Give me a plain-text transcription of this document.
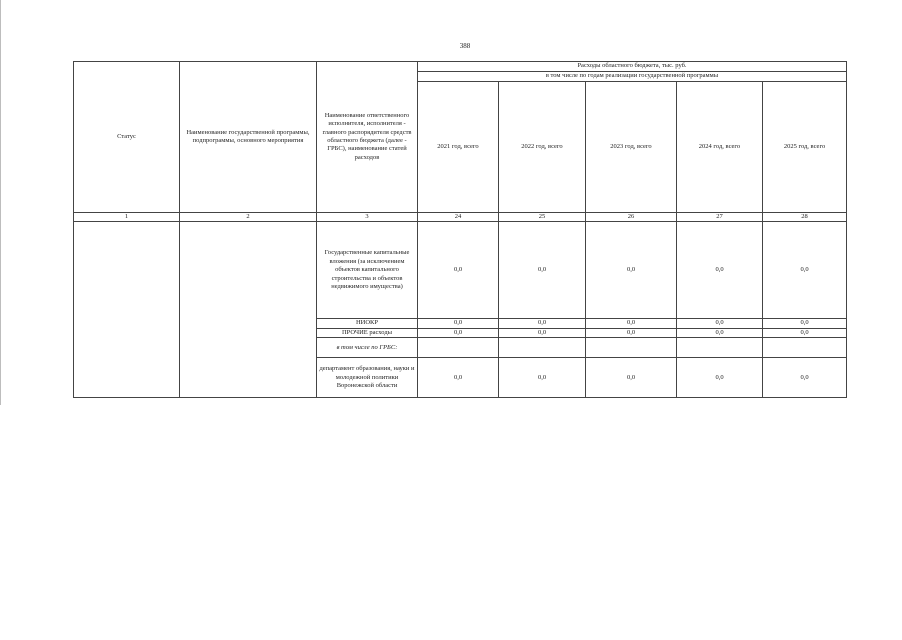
388
Статус	Наименование государственной программы, подпрограммы, основного мероприятия	Наименование ответственного исполнителя, исполнителя - главного распорядителя средств областного бюджета (далее - ГРБС), наименование статей расходов	Расходы областного бюджета, тыс. руб.				
			в том числе по годам реализации государственной программы				
			2021 год, всего	2022 год, всего	2023 год, всего	2024 год, всего	2025 год, всего
1	2	3	24	25	26	27	28
		Государственные капитальные вложения (за исключением объектов капитального строительства и объектов недвижимого имущества)	0,0	0,0	0,0	0,0	0,0
		НИОКР	0,0	0,0	0,0	0,0	0,0
		ПРОЧИЕ расходы	0,0	0,0	0,0	0,0	0,0
		в том числе по ГРБС:					
		департамент образования, науки и молодежной политики Воронежской области	0,0	0,0	0,0	0,0	0,0
